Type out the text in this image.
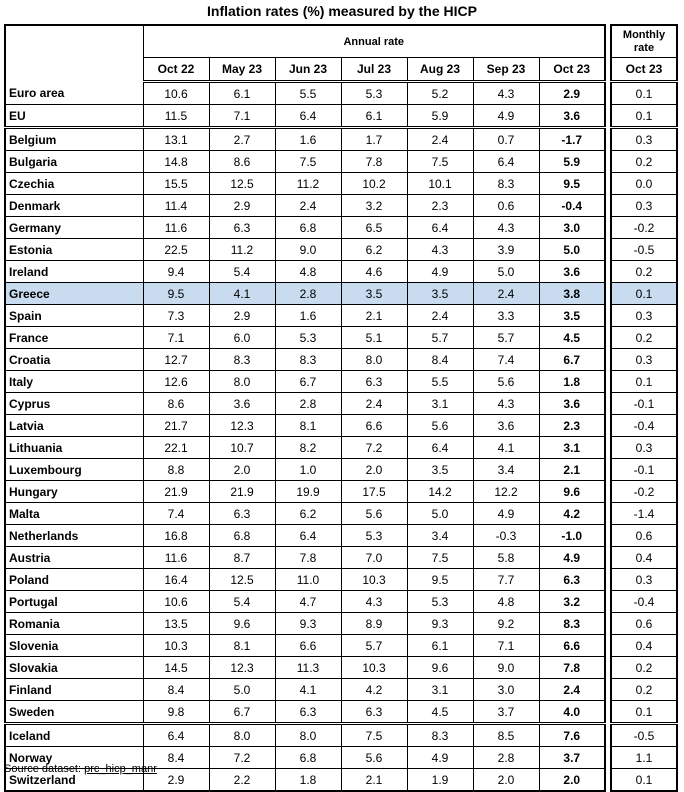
Inflation rates (%) measured by the HICP
	Annual rate								Monthly rate
	Oct 22	May 23	Jun 23	Jul 23	Aug 23	Sep 23	Oct 23		Oct 23
Euro area	10.6	6.1	5.5	5.3	5.2	4.3	2.9		0.1
EU	11.5	7.1	6.4	6.1	5.9	4.9	3.6		0.1
Belgium	13.1	2.7	1.6	1.7	2.4	0.7	-1.7		0.3
Bulgaria	14.8	8.6	7.5	7.8	7.5	6.4	5.9		0.2
Czechia	15.5	12.5	11.2	10.2	10.1	8.3	9.5		0.0
Denmark	11.4	2.9	2.4	3.2	2.3	0.6	-0.4		0.3
Germany	11.6	6.3	6.8	6.5	6.4	4.3	3.0		-0.2
Estonia	22.5	11.2	9.0	6.2	4.3	3.9	5.0		-0.5
Ireland	9.4	5.4	4.8	4.6	4.9	5.0	3.6		0.2
Greece	9.5	4.1	2.8	3.5	3.5	2.4	3.8		0.1
Spain	7.3	2.9	1.6	2.1	2.4	3.3	3.5		0.3
France	7.1	6.0	5.3	5.1	5.7	5.7	4.5		0.2
Croatia	12.7	8.3	8.3	8.0	8.4	7.4	6.7		0.3
Italy	12.6	8.0	6.7	6.3	5.5	5.6	1.8		0.1
Cyprus	8.6	3.6	2.8	2.4	3.1	4.3	3.6		-0.1
Latvia	21.7	12.3	8.1	6.6	5.6	3.6	2.3		-0.4
Lithuania	22.1	10.7	8.2	7.2	6.4	4.1	3.1		0.3
Luxembourg	8.8	2.0	1.0	2.0	3.5	3.4	2.1		-0.1
Hungary	21.9	21.9	19.9	17.5	14.2	12.2	9.6		-0.2
Malta	7.4	6.3	6.2	5.6	5.0	4.9	4.2		-1.4
Netherlands	16.8	6.8	6.4	5.3	3.4	-0.3	-1.0		0.6
Austria	11.6	8.7	7.8	7.0	7.5	5.8	4.9		0.4
Poland	16.4	12.5	11.0	10.3	9.5	7.7	6.3		0.3
Portugal	10.6	5.4	4.7	4.3	5.3	4.8	3.2		-0.4
Romania	13.5	9.6	9.3	8.9	9.3	9.2	8.3		0.6
Slovenia	10.3	8.1	6.6	5.7	6.1	7.1	6.6		0.4
Slovakia	14.5	12.3	11.3	10.3	9.6	9.0	7.8		0.2
Finland	8.4	5.0	4.1	4.2	3.1	3.0	2.4		0.2
Sweden	9.8	6.7	6.3	6.3	4.5	3.7	4.0		0.1
Iceland	6.4	8.0	8.0	7.5	8.3	8.5	7.6		-0.5
Norway	8.4	7.2	6.8	5.6	4.9	2.8	3.7		1.1
Switzerland	2.9	2.2	1.8	2.1	1.9	2.0	2.0		0.1
Source dataset: prc_hicp_manr
